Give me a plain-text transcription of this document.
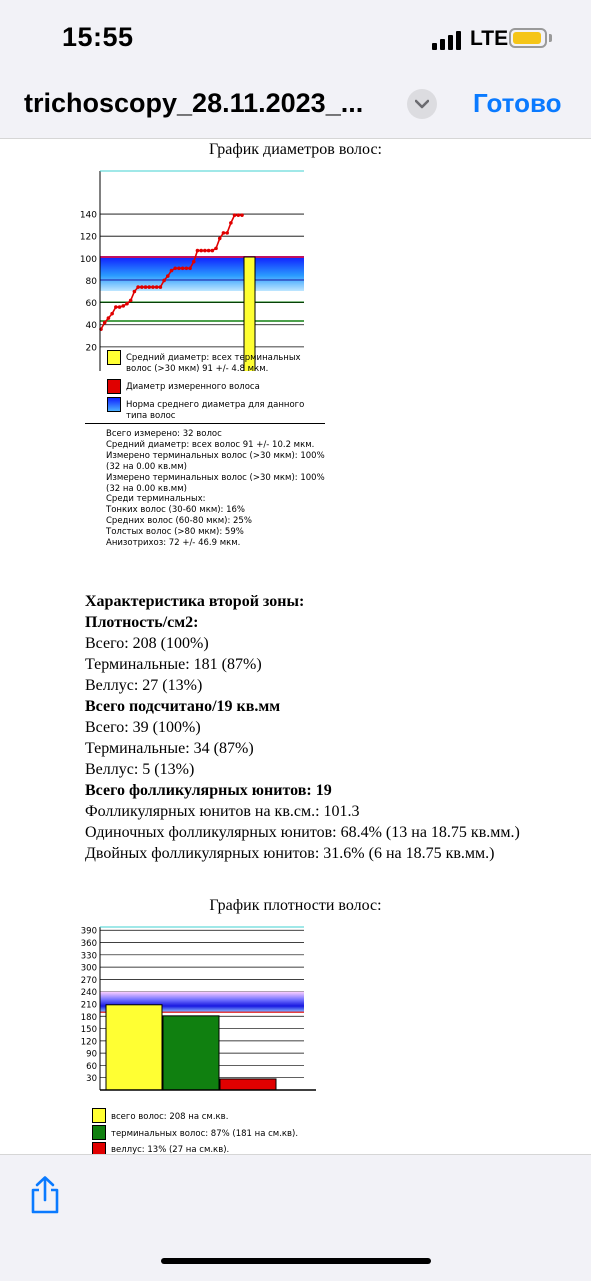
15:55	LTE
trichoscopy_28.11.2023_...	Готово
График диаметров волос:
20
40
60
80
100
120
140
Средний диаметр: всех терминальных волос (>30 мкм) 91 +/- 4.8 мкм.
Диаметр измеренного волоса
Норма среднего диаметра для данного типа волос
Всего измерено: 32 волос
Средний диаметр: всех волос 91 +/- 10.2 мкм.
Измерено терминальных волос (>30 мкм): 100%
(32 на 0.00 кв.мм)
Измерено терминальных волос (>30 мкм): 100%
(32 на 0.00 кв.мм)
Среди терминальных:
Тонких волос (30-60 мкм): 16%
Средних волос (60-80 мкм): 25%
Толстых волос (>80 мкм): 59%
Анизотрихоз: 72 +/- 46.9 мкм.
Характеристика второй зоны:
Плотность/см2:
Всего: 208 (100%)
Терминальные: 181 (87%)
Веллус: 27 (13%)
Всего подсчитано/19 кв.мм
Всего: 39 (100%)
Терминальные: 34 (87%)
Веллус: 5 (13%)
Всего фолликулярных юнитов: 19
Фолликулярных юнитов на кв.см.: 101.3
Одиночных фолликулярных юнитов: 68.4% (13 на 18.75 кв.мм.)
Двойных фолликулярных юнитов: 31.6% (6 на 18.75 кв.мм.)
График плотности волос:
30
60
90
120
150
180
210
240
270
300
330
360
390
всего волос: 208 на см.кв.
терминальных волос: 87% (181 на см.кв).
веллус: 13% (27 на см.кв).
